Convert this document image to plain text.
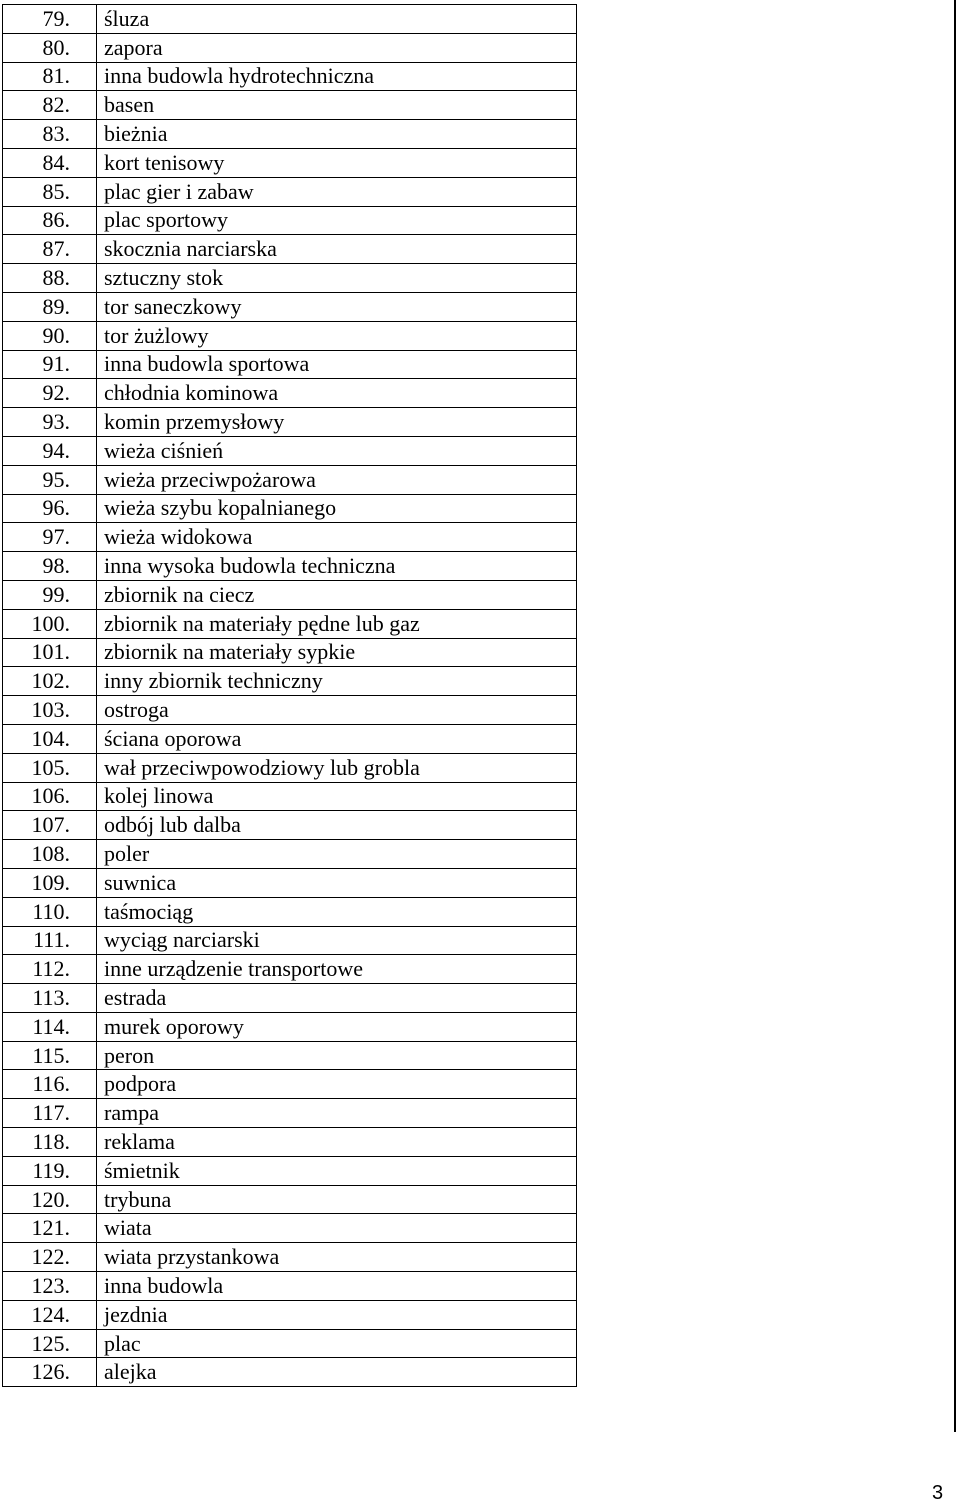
79.	śluza
80.	zapora
81.	inna budowla hydrotechniczna
82.	basen
83.	bieżnia
84.	kort tenisowy
85.	plac gier i zabaw
86.	plac sportowy
87.	skocznia narciarska
88.	sztuczny stok
89.	tor saneczkowy
90.	tor żużlowy
91.	inna budowla sportowa
92.	chłodnia kominowa
93.	komin przemysłowy
94.	wieża ciśnień
95.	wieża przeciwpożarowa
96.	wieża szybu kopalnianego
97.	wieża widokowa
98.	inna wysoka budowla techniczna
99.	zbiornik na ciecz
100.	zbiornik na materiały pędne lub gaz
101.	zbiornik na materiały sypkie
102.	inny zbiornik techniczny
103.	ostroga
104.	ściana oporowa
105.	wał przeciwpowodziowy lub grobla
106.	kolej linowa
107.	odbój lub dalba
108.	poler
109.	suwnica
110.	taśmociąg
111.	wyciąg narciarski
112.	inne urządzenie transportowe
113.	estrada
114.	murek oporowy
115.	peron
116.	podpora
117.	rampa
118.	reklama
119.	śmietnik
120.	trybuna
121.	wiata
122.	wiata przystankowa
123.	inna budowla
124.	jezdnia
125.	plac
126.	alejka
3
